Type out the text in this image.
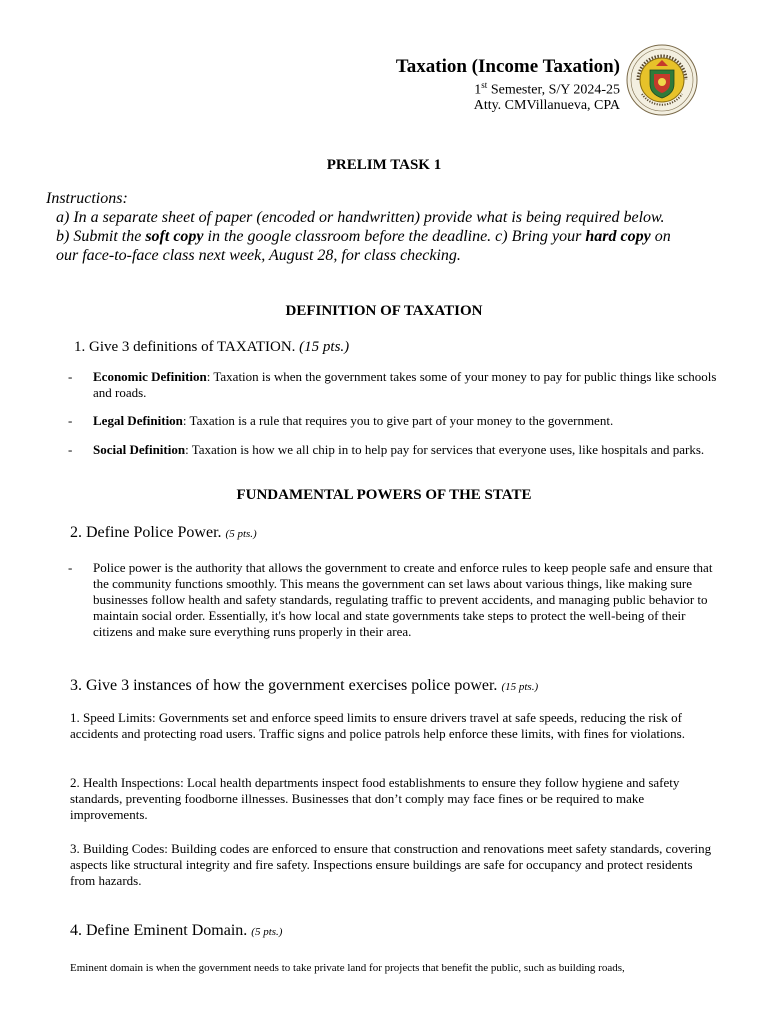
Taxation (Income Taxation)
1st Semester, S/Y 2024-25
Atty. CMVillanueva, CPA
PRELIM TASK 1

Instructions:

a) In a separate sheet of paper (encoded or handwritten) provide what is being required below.

b) Submit the soft copy in the google classroom before the deadline. c) Bring your hard copy on

our face-to-face class next week, August 28, for class checking.

DEFINITION OF TAXATION
1. Give 3 definitions of TAXATION. (15 pts.)
- Economic Definition: Taxation is when the government takes some of your money to pay for public things like schools and roads.
- Legal Definition: Taxation is a rule that requires you to give part of your money to the government.
- Social Definition: Taxation is how we all chip in to help pay for services that everyone uses, like hospitals and parks.
FUNDAMENTAL POWERS OF THE STATE
2. Define Police Power. (5 pts.)
- Police power is the authority that allows the government to create and enforce rules to keep people safe and ensure that the community functions smoothly. This means the government can set laws about various things, like making sure businesses follow health and safety standards, regulating traffic to prevent accidents, and managing public behavior to maintain social order. Essentially, it's how local and state governments take steps to protect the well-being of their citizens and make sure everything runs properly in their area.
3. Give 3 instances of how the government exercises police power. (15 pts.)
1. Speed Limits: Governments set and enforce speed limits to ensure drivers travel at safe speeds, reducing the risk of accidents and protecting road users. Traffic signs and police patrols help enforce these limits, with fines for violations.
2. Health Inspections: Local health departments inspect food establishments to ensure they follow hygiene and safety standards, preventing foodborne illnesses. Businesses that don’t comply may face fines or be required to make improvements.
3. Building Codes: Building codes are enforced to ensure that construction and renovations meet safety standards, covering aspects like structural integrity and fire safety. Inspections ensure buildings are safe for occupancy and protect residents from hazards.
4. Define Eminent Domain. (5 pts.)
Eminent domain is when the government needs to take private land for projects that benefit the public, such as building roads,
